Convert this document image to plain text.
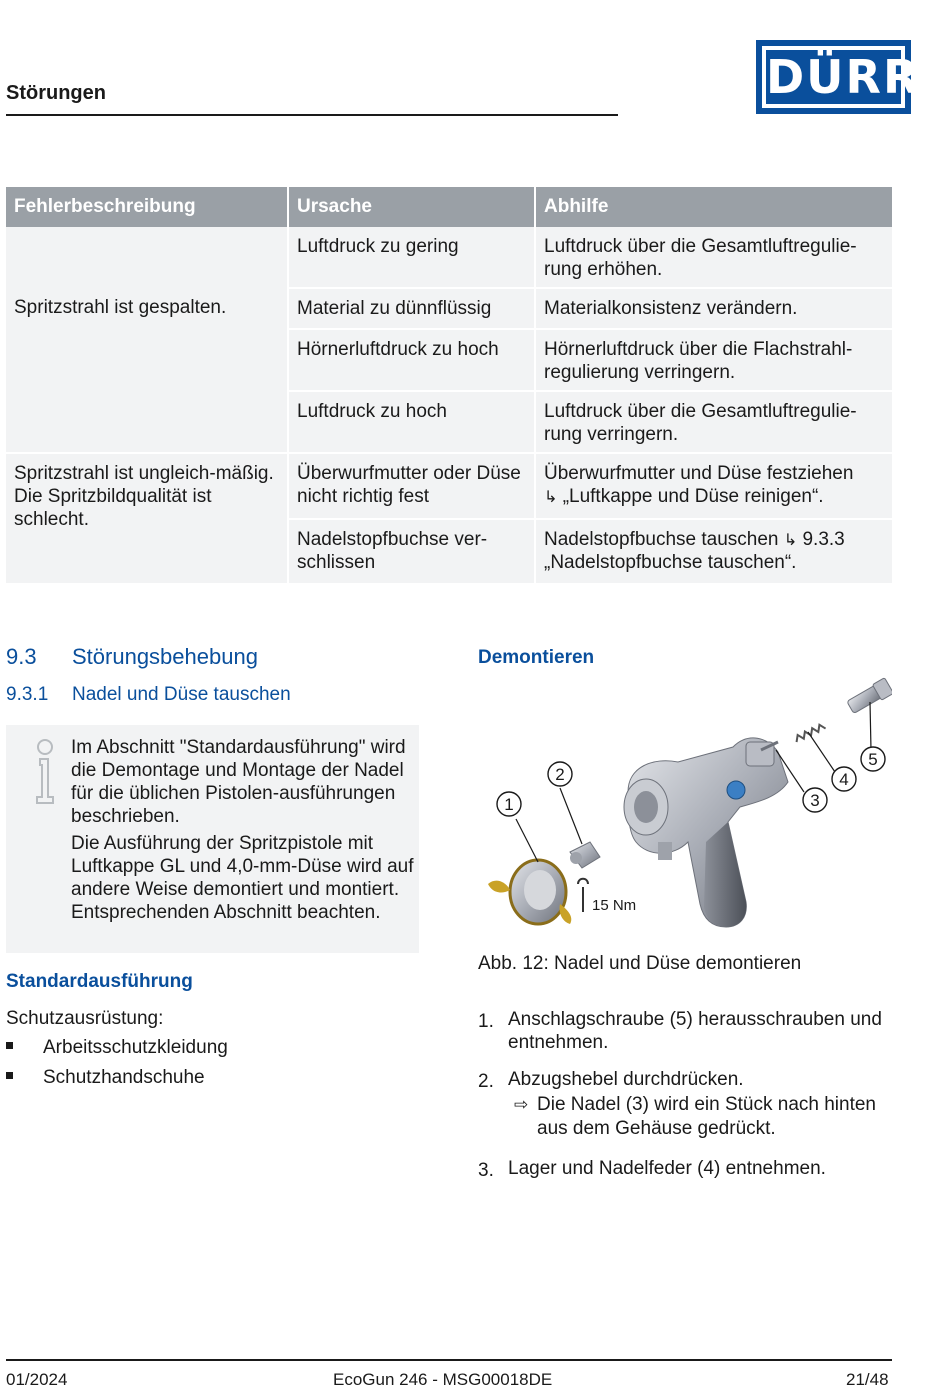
Störungen	DÜRR
Fehlerbeschreibung	Ursache	Abhilfe
	Luftdruck zu gering	Luftdruck über die Gesamtluftregulie-rung erhöhen.
Spritzstrahl ist gespalten.	Material zu dünnflüssig	Materialkonsistenz verändern.
	Hörnerluftdruck zu hoch	Hörnerluftdruck über die Flachstrahl-regulierung verringern.
	Luftdruck zu hoch	Luftdruck über die Gesamtluftregulie-rung verringern.
Spritzstrahl ist ungleich-mäßig. Die Spritzbildqualität ist schlecht.	Überwurfmutter oder Düse nicht richtig fest	Überwurfmutter und Düse festziehen
↳ „Luftkappe und Düse reinigen“.
	Nadelstopfbuchse ver-schlissen	Nadelstopfbuchse tauschen ↳ 9.3.3
„Nadelstopfbuchse tauschen“.
9.3 Störungsbehebung
9.3.1 Nadel und Düse tauschen

Im Abschnitt "Standardausführung" wird die Demontage und Montage der Nadel für die üblichen Pistolen-ausführungen beschrieben.

Die Ausführung der Spritzpistole mit Luftkappe GL und 4,0-mm-Düse wird auf andere Weise demontiert und montiert. Entsprechenden Abschnitt beachten.

Standardausführung
Schutzausrüstung:
Arbeitsschutzkleidung
Schutzhandschuhe
Demontieren
15 Nm
1
2
3
4
5
Abb. 12: Nadel und Düse demontieren
1. Anschlagschraube (5) herausschrauben und entnehmen.
2. Abzugshebel durchdrücken.
⇨ Die Nadel (3) wird ein Stück nach hinten aus dem Gehäuse gedrückt.
3. Lager und Nadelfeder (4) entnehmen.
01/2024	EcoGun 246 - MSG00018DE	21/48
